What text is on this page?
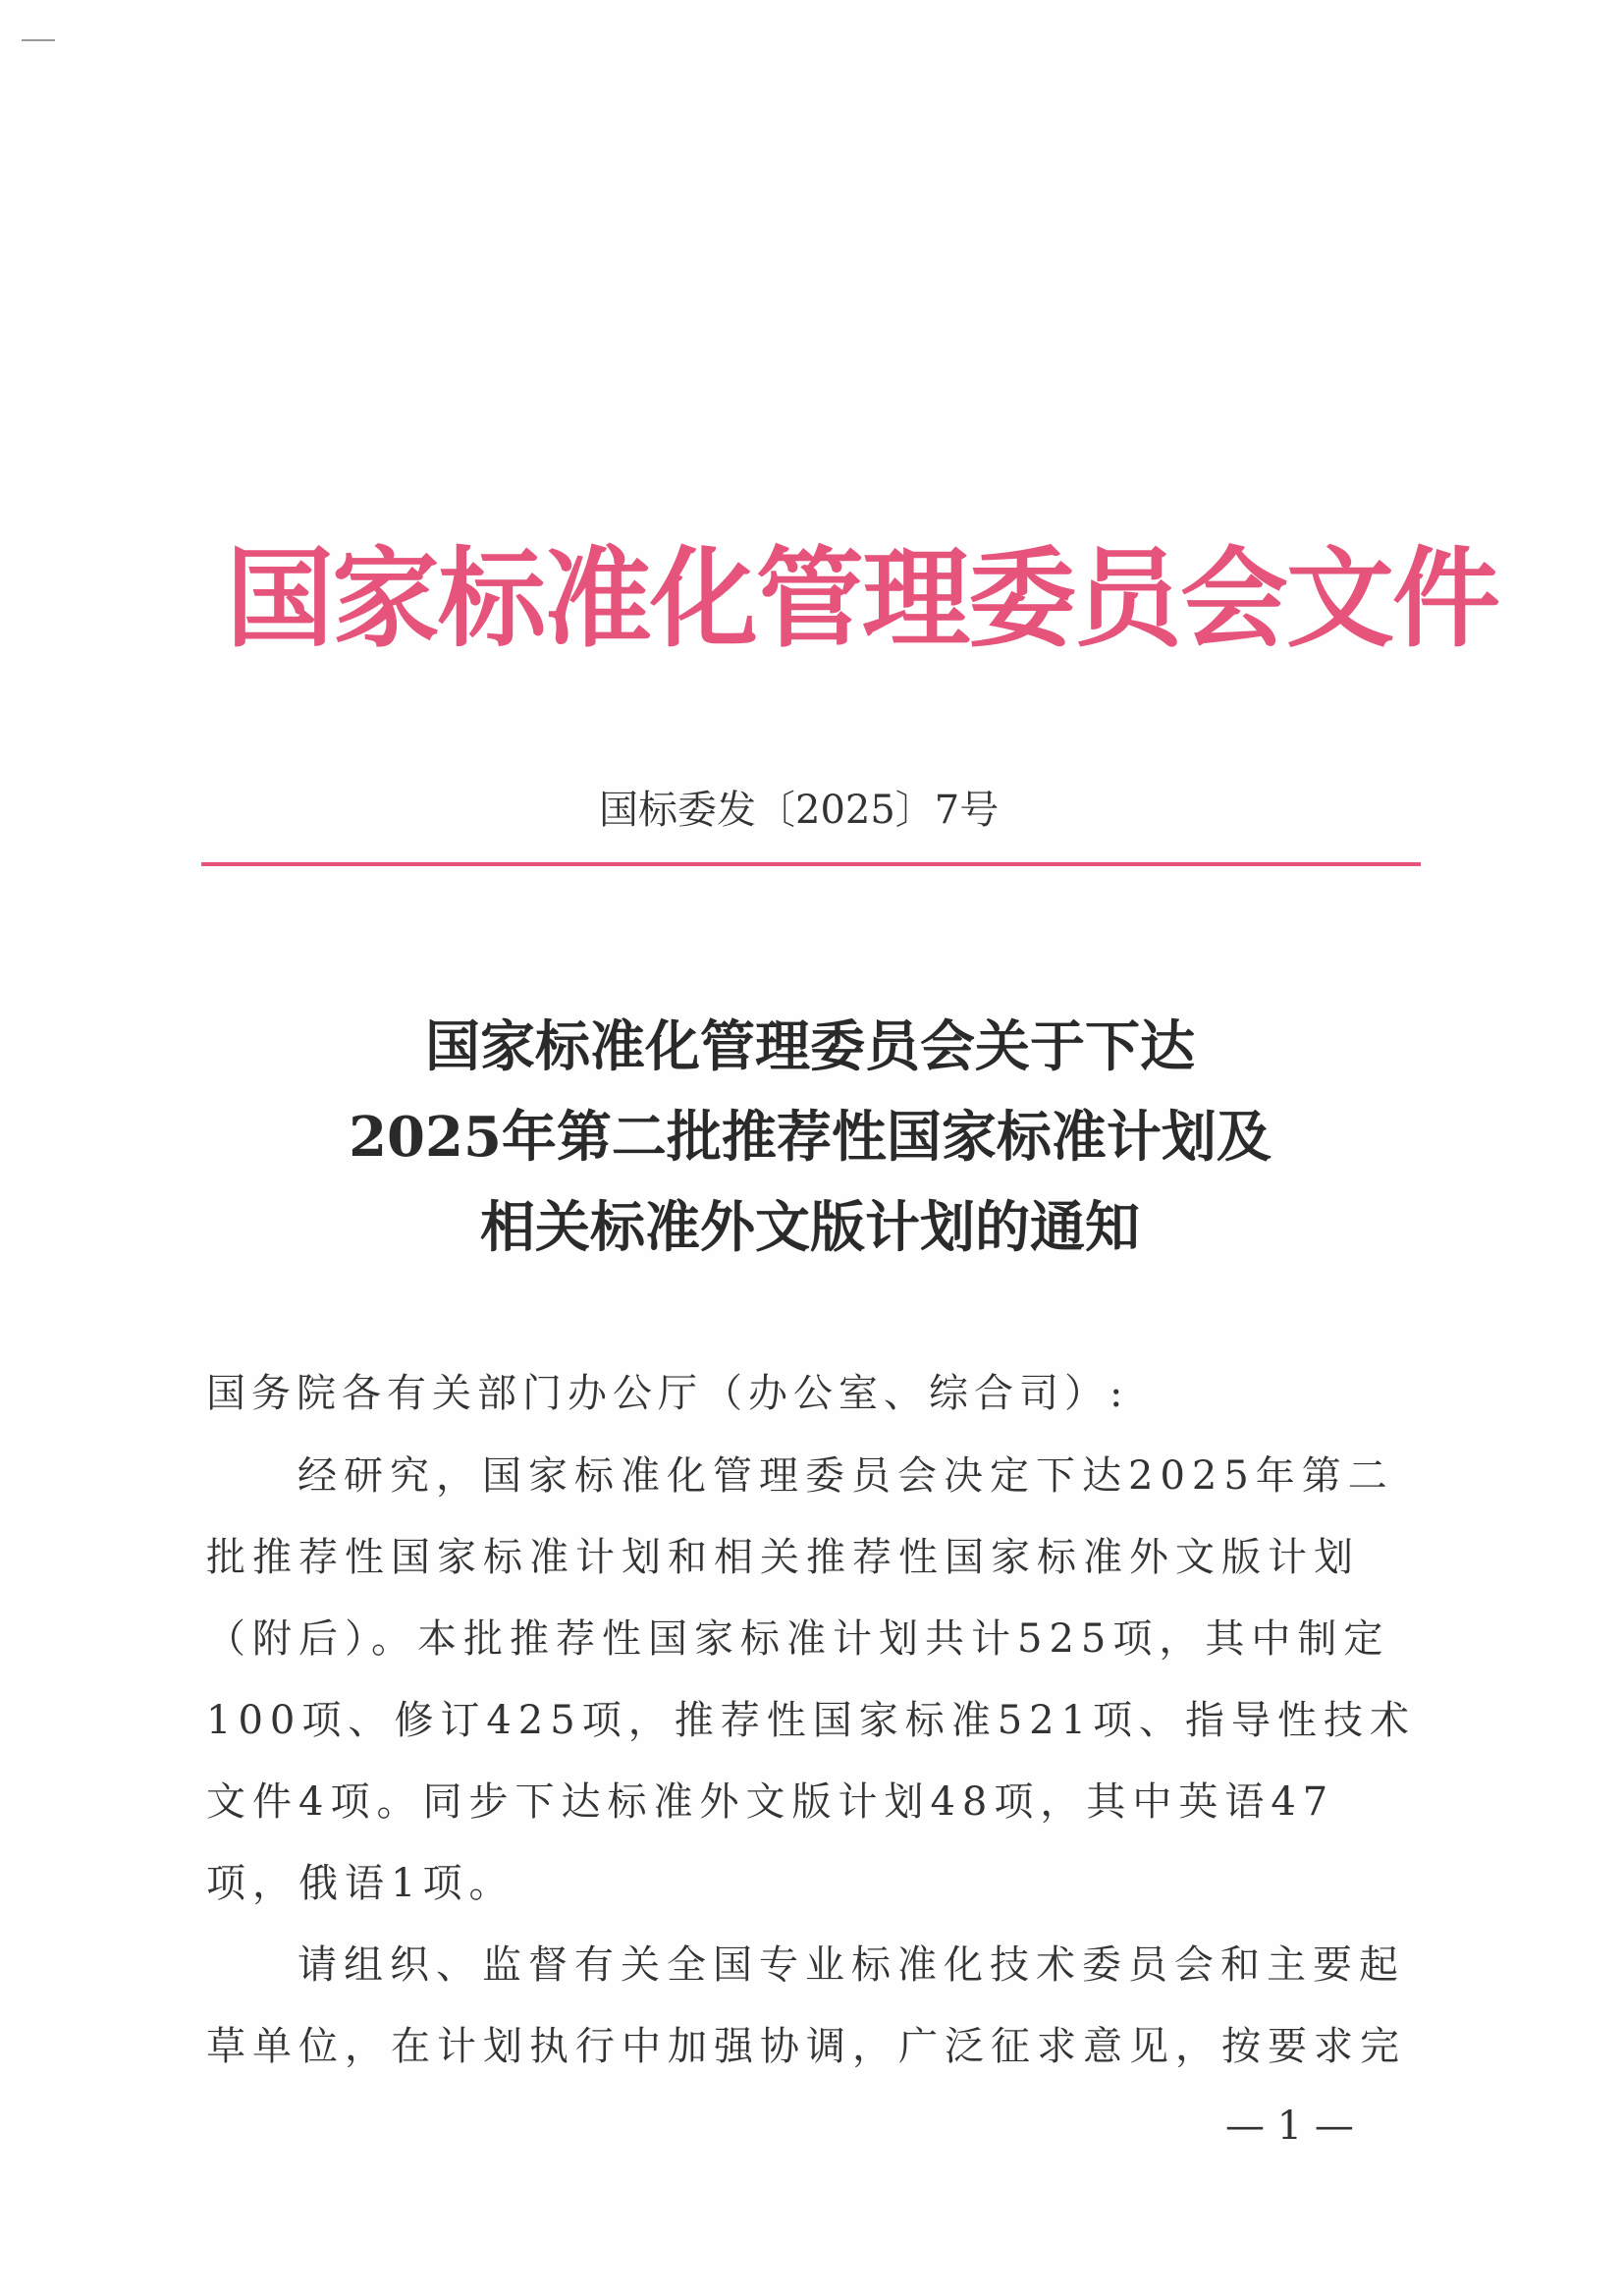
国家标准化管理委员会文件
国标委发〔2025〕7号
国家标准化管理委员会关于下达
2025年第二批推荐性国家标准计划及
相关标准外文版计划的通知
国务院各有关部门办公厅（办公室、综合司）:
经研究，国家标准化管理委员会决定下达2025年第二
批推荐性国家标准计划和相关推荐性国家标准外文版计划
（附后）。本批推荐性国家标准计划共计525项，其中制定
100项、修订425项，推荐性国家标准521项、指导性技术
文件4项。同步下达标准外文版计划48项，其中英语47
项，俄语1项。
请组织、监督有关全国专业标准化技术委员会和主要起
草单位，在计划执行中加强协调，广泛征求意见，按要求完
— 1 —
